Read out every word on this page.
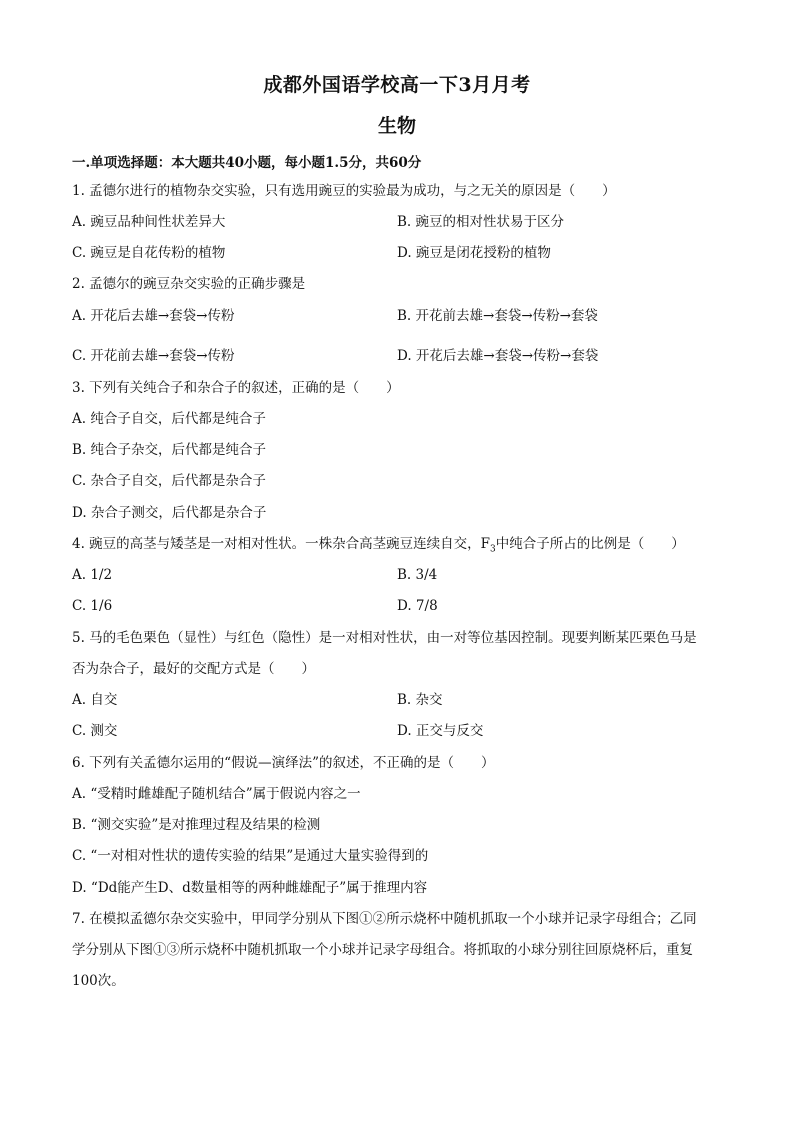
成都外国语学校高一下3月月考
生物
一.单项选择题：本大题共40小题，每小题1.5分，共60分
1. 孟德尔进行的植物杂交实验，只有选用豌豆的实验最为成功，与之无关的原因是（　　）
A. 豌豆品种间性状差异大	B. 豌豆的相对性状易于区分
C. 豌豆是自花传粉的植物	D. 豌豆是闭花授粉的植物
2. 孟德尔的豌豆杂交实验的正确步骤是
A. 开花后去雄→套袋→传粉	B. 开花前去雄→套袋→传粉→套袋
C. 开花前去雄→套袋→传粉	D. 开花后去雄→套袋→传粉→套袋
3. 下列有关纯合子和杂合子的叙述，正确的是（　　）
A. 纯合子自交，后代都是纯合子
B. 纯合子杂交，后代都是纯合子
C. 杂合子自交，后代都是杂合子
D. 杂合子测交，后代都是杂合子
4. 豌豆的高茎与矮茎是一对相对性状。一株杂合高茎豌豆连续自交，$F_3$中纯合子所占的比例是（　　）
A. 1/2	B. 3/4
C. 1/6	D. 7/8
5. 马的毛色栗色（显性）与红色（隐性）是一对相对性状，由一对等位基因控制。现要判断某匹栗色马是
否为杂合子，最好的交配方式是（　　）
A. 自交	B. 杂交
C. 测交	D. 正交与反交
6. 下列有关孟德尔运用的“假说—演绎法”的叙述，不正确的是（　　）
A. “受精时雌雄配子随机结合”属于假说内容之一
B. “测交实验”是对推理过程及结果的检测
C. “一对相对性状的遗传实验的结果”是通过大量实验得到的
D. “Dd能产生D、d数量相等的两种雌雄配子”属于推理内容
7. 在模拟孟德尔杂交实验中，甲同学分别从下图①②所示烧杯中随机抓取一个小球并记录字母组合；乙同
学分别从下图①③所示烧杯中随机抓取一个小球并记录字母组合。将抓取的小球分别往回原烧杯后，重复
100次。
